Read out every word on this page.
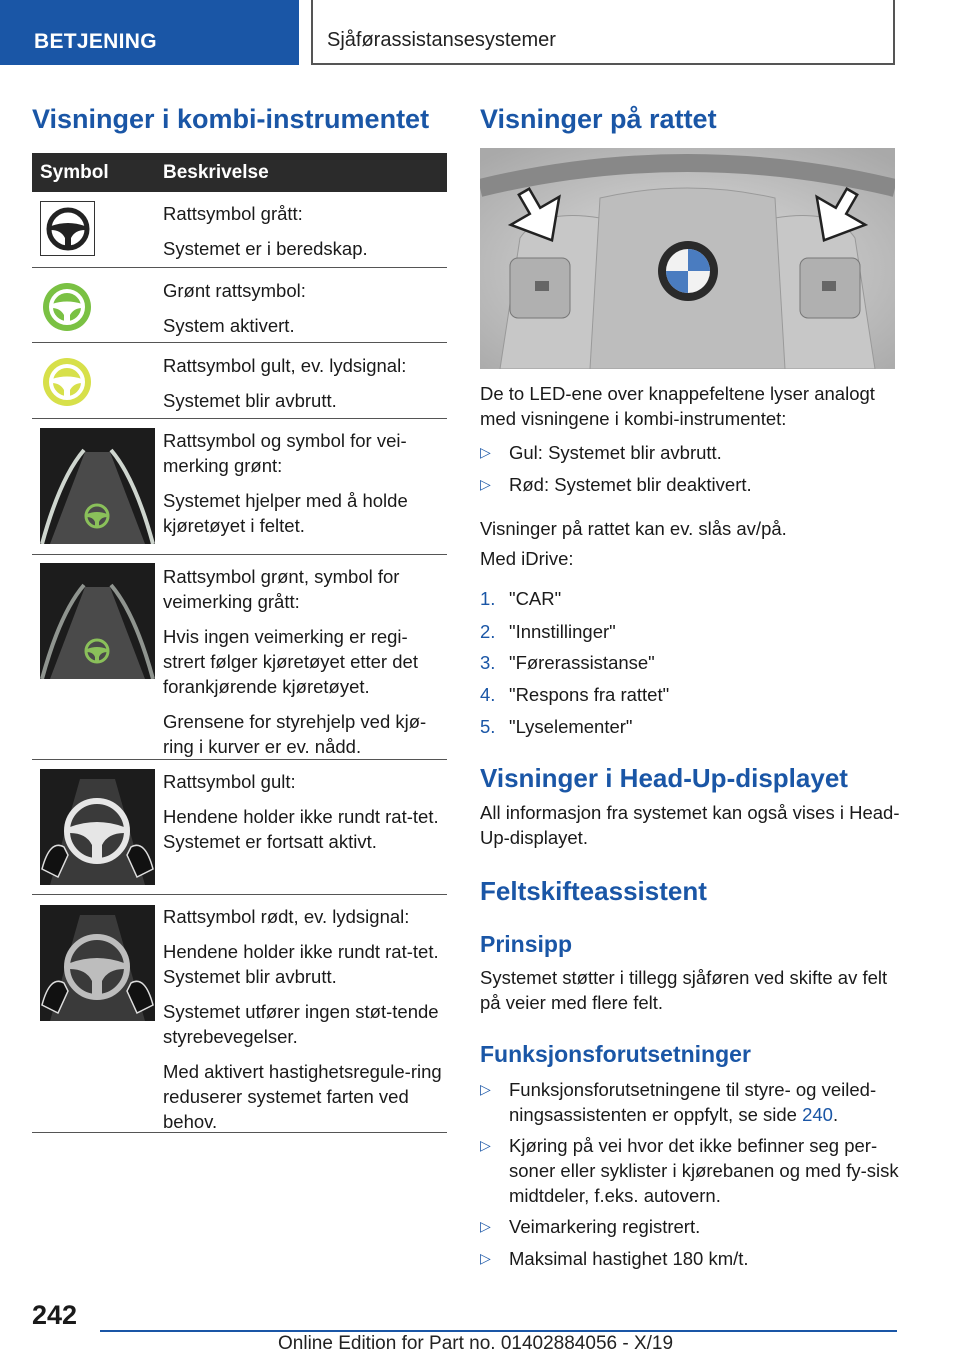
BETJENING	Sjåførassistansesystemer
Visninger i kombi-instrumentet
Symbol	Beskrivelse

Rattsymbol grått:

Systemet er i beredskap.

Grønt rattsymbol:

System aktivert.

Rattsymbol gult, ev. lydsignal:

Systemet blir avbrutt.

Rattsymbol og symbol for vei-merking grønt:

Systemet hjelper med å holde kjøretøyet i feltet.

Rattsymbol grønt, symbol for veimerking grått:

Hvis ingen veimerking er regi-strert følger kjøretøyet etter det forankjørende kjøretøyet.

Grensene for styrehjelp ved kjø-ring i kurver er ev. nådd.

Rattsymbol gult:

Hendene holder ikke rundt rat-tet. Systemet er fortsatt aktivt.

Rattsymbol rødt, ev. lydsignal:

Hendene holder ikke rundt rat-tet. Systemet blir avbrutt.

Systemet utfører ingen støt-tende styrebevegelser.

Med aktivert hastighetsregule-ring reduserer systemet farten ved behov.

Visninger på rattet
De to LED-ene over knappefeltene lyser analogt med visningene i kombi-instrumentet:
▷ Gul: Systemet blir avbrutt.
▷ Rød: Systemet blir deaktivert.
Visninger på rattet kan ev. slås av/på.
Med iDrive:
1. "CAR"
2. "Innstillinger"
3. "Førerassistanse"
4. "Respons fra rattet"
5. "Lyselementer"
Visninger i Head-Up-displayet
All informasjon fra systemet kan også vises i Head-Up-displayet.
Feltskifteassistent
Prinsipp
Systemet støtter i tillegg sjåføren ved skifte av felt på veier med flere felt.
Funksjonsforutsetninger
▷ Funksjonsforutsetningene til styre- og veiled-ningsassistenten er oppfylt, se side 240.
▷ Kjøring på vei hvor det ikke befinner seg per-soner eller syklister i kjørebanen og med fy-sisk midtdeler, f.eks. autovern.
▷ Veimarkering registrert.
▷ Maksimal hastighet 180 km/t.
242
Online Edition for Part no. 01402884056 - X/19
